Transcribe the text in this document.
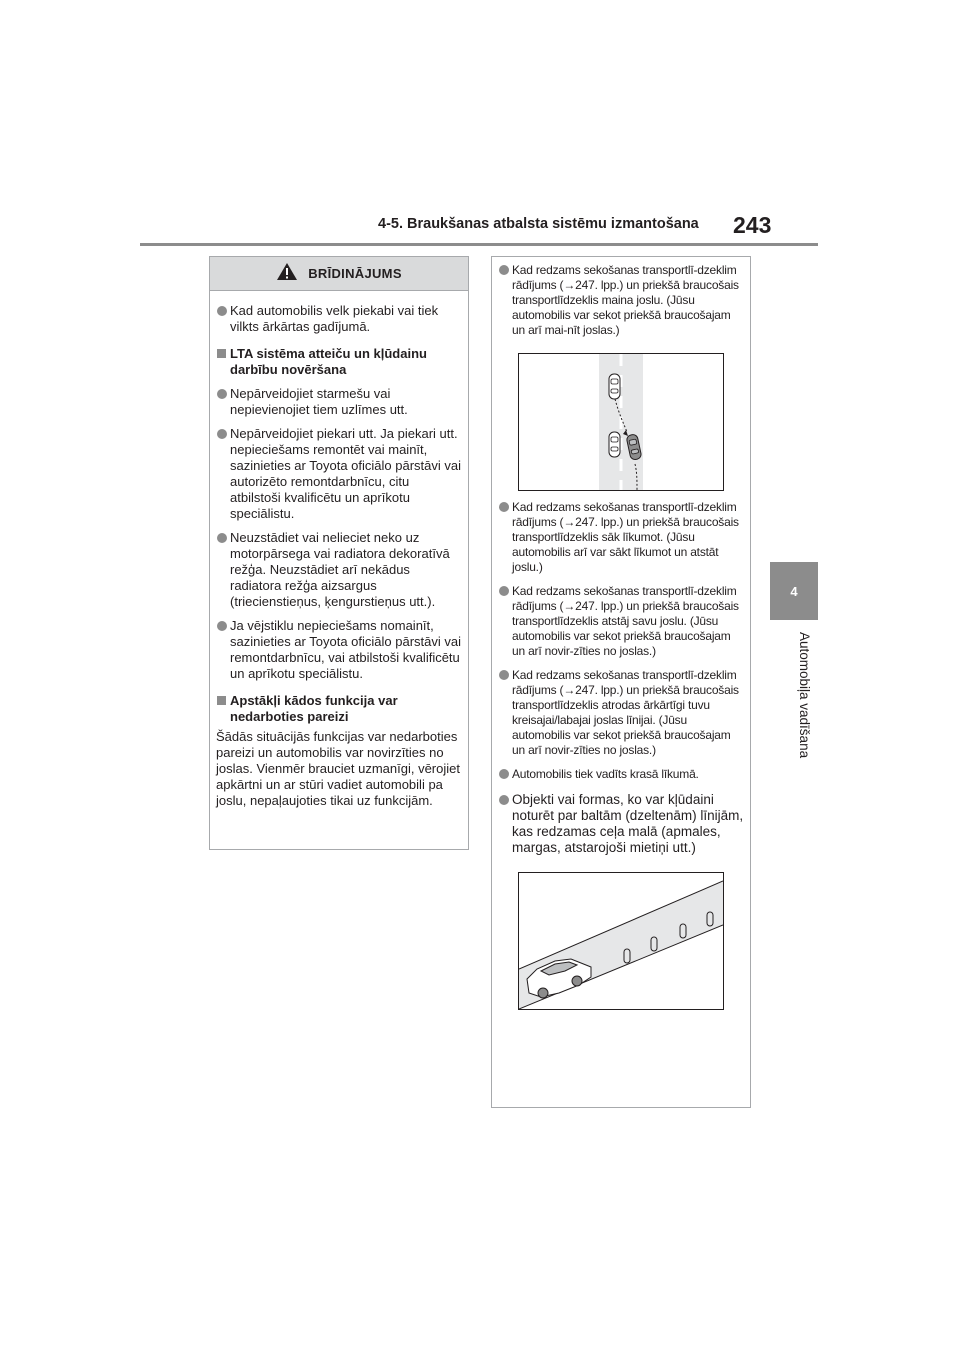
4-5. Braukšanas atbalsta sistēmu izmantošana 243
4
Automobiļa vadīšana
BRĪDINĀJUMS
Kad automobilis velk piekabi vai tiek vilkts ārkārtas gadījumā.
LTA sistēma atteiču un kļūdainu darbību novēršana
Nepārveidojiet starmešu vai nepievienojiet tiem uzlīmes utt.
Nepārveidojiet piekari utt. Ja piekari utt. nepieciešams remontēt vai mainīt, sazinieties ar Toyota oficiālo pārstāvi vai autorizēto remontdarbnīcu, citu atbilstoši kvalificētu un aprīkotu speciālistu.
Neuzstādiet vai nelieciet neko uz motorpārsega vai radiatora dekoratīvā režģa. Neuzstādiet arī nekādus radiatora režģa aizsargus (triecienstieņus, ķengurstieņus utt.).
Ja vējstiklu nepieciešams nomainīt, sazinieties ar Toyota oficiālo pārstāvi vai remontdarbnīcu, vai atbilstoši kvalificētu un aprīkotu speciālistu.
Apstākļi kādos funkcija var nedarboties pareizi
Šādās situācijās funkcijas var nedarboties pareizi un automobilis var novirzīties no joslas. Vienmēr brauciet uzmanīgi, vērojiet apkārtni un ar stūri vadiet automobili pa joslu, nepaļaujoties tikai uz funkcijām.
Kad redzams sekošanas transportlī-dzeklim rādījums (→247. lpp.) un priekšā braucošais transportlīdzeklis maina joslu. (Jūsu automobilis var sekot priekšā braucošajam un arī mai-nīt joslas.)
Kad redzams sekošanas transportlī-dzeklim rādījums (→247. lpp.) un priekšā braucošais transportlīdzeklis sāk līkumot. (Jūsu automobilis arī var sākt līkumot un atstāt joslu.)
Kad redzams sekošanas transportlī-dzeklim rādījums (→247. lpp.) un priekšā braucošais transportlīdzeklis atstāj savu joslu. (Jūsu automobilis var sekot priekšā braucošajam un arī novir-zīties no joslas.)
Kad redzams sekošanas transportlī-dzeklim rādījums (→247. lpp.) un priekšā braucošais transportlīdzeklis atrodas ārkārtīgi tuvu kreisajai/labajai joslas līnijai. (Jūsu automobilis var sekot priekšā braucošajam un arī novir-zīties no joslas.)
Automobilis tiek vadīts krasā līkumā.
Objekti vai formas, ko var kļūdaini noturēt par baltām (dzeltenām) līnijām, kas redzamas ceļa malā (apmales, margas, atstarojoši mietiņi utt.)
